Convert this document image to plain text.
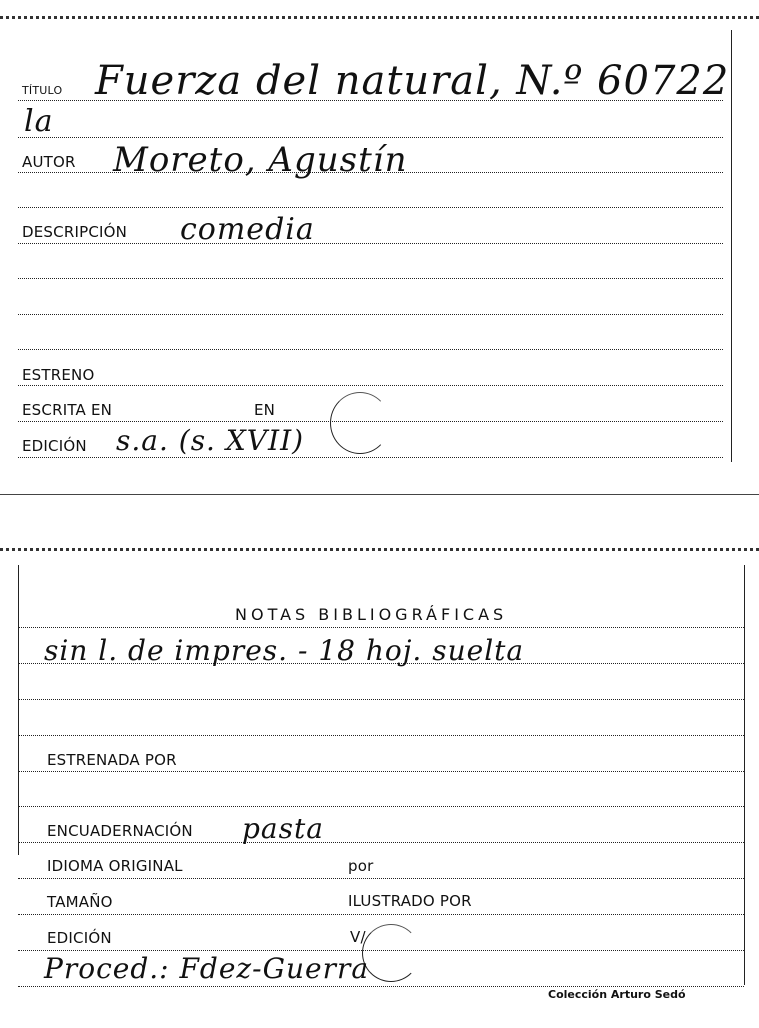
TÍTULO Fuerza del natural, N.º 60722
la
AUTOR Moreto, Agustín
DESCRIPCIÓN comedia
ESTRENO
ESCRITA EN	EN
EDICIÓN s.a. (s. XVII)
NOTAS BIBLIOGRÁFICAS
sin l. de impres. - 18 hoj. suelta
ESTRENADA POR
ENCUADERNACIÓN pasta
IDIOMA ORIGINAL	por
TAMAÑO	ILUSTRADO POR
EDICIÓN	V/
Proced.: Fdez-Guerra
Colección Arturo Sedó
